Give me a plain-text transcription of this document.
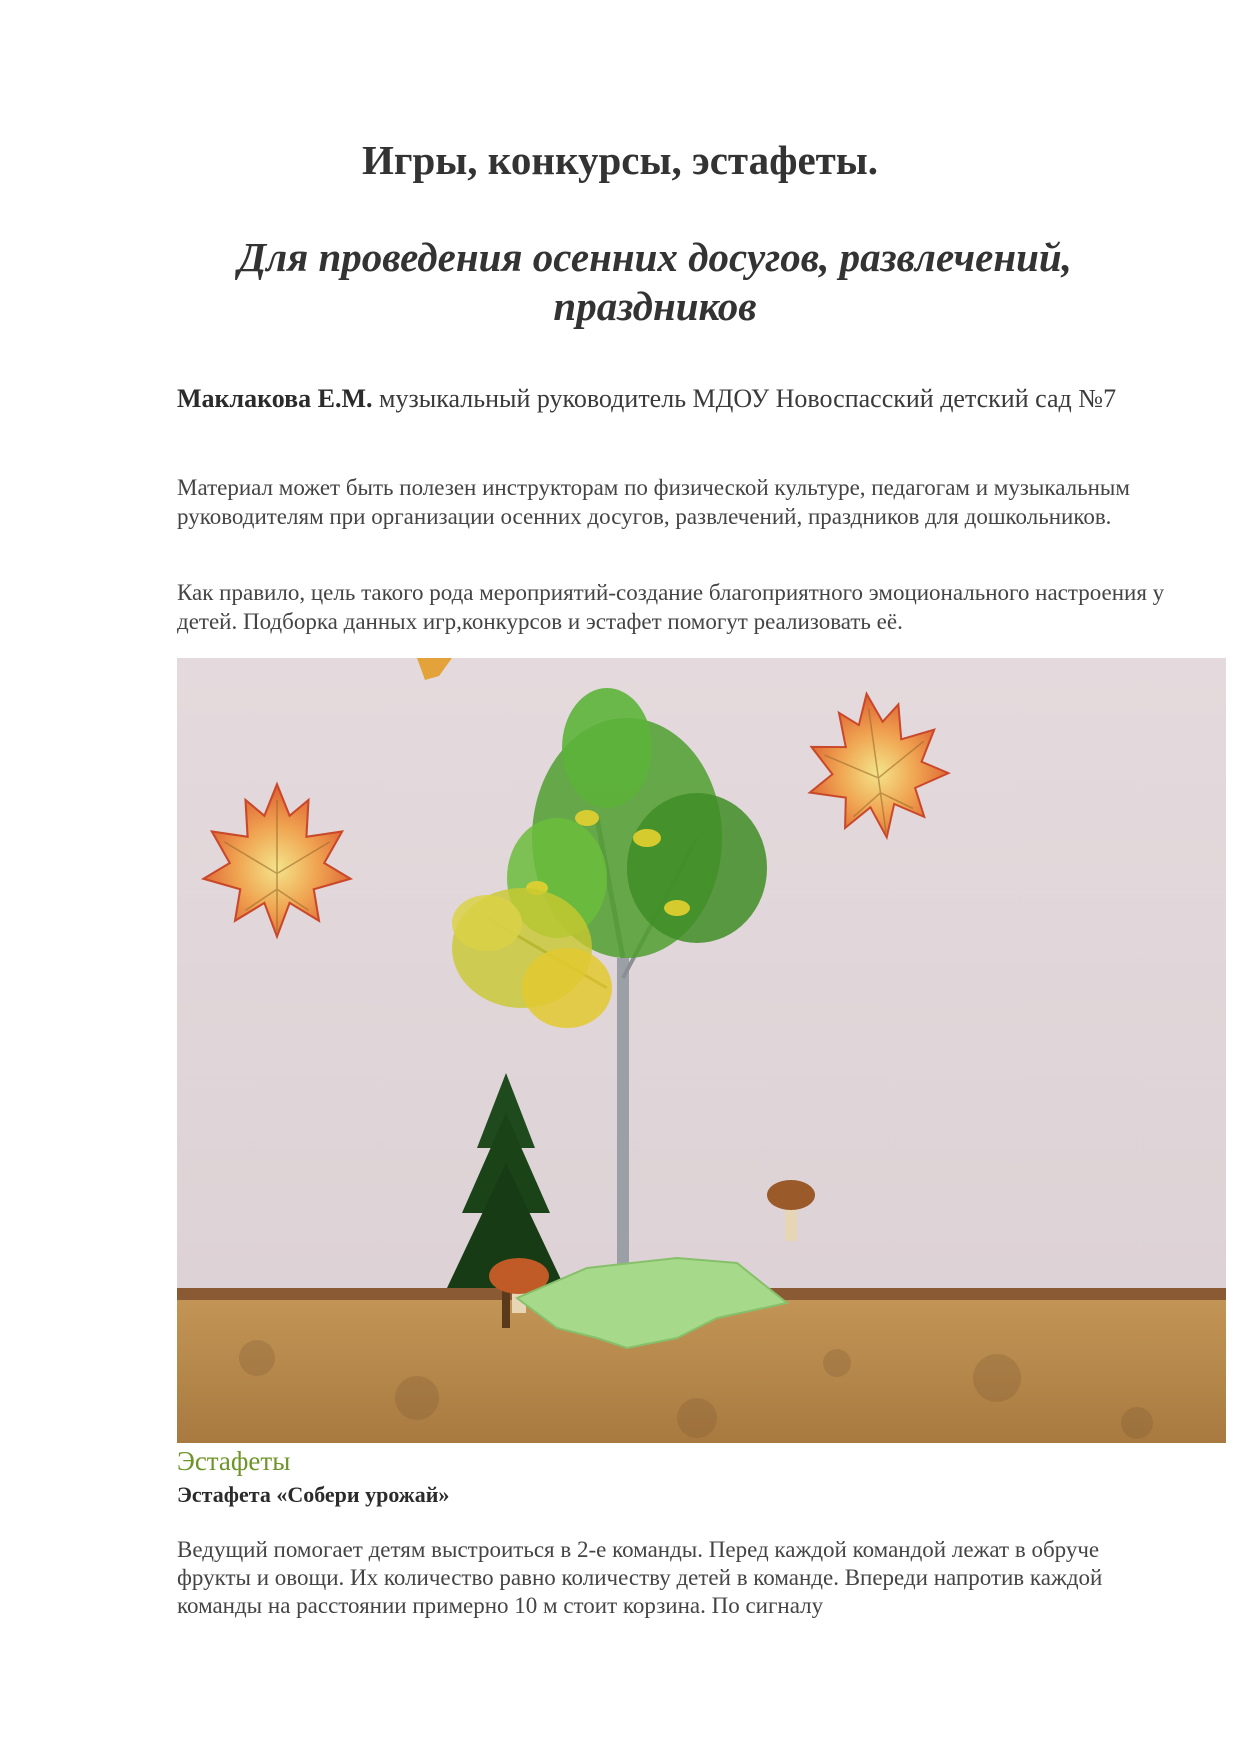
Игры, конкурсы, эстафеты.
Для проведения осенних досугов, развлечений, праздников

Маклакова Е.М. музыкальный руководитель МДОУ Новоспасский детский сад №7

Материал может быть полезен инструкторам по физической культуре, педагогам и музыкальным руководителям при организации осенних досугов, развлечений, праздников для дошкольников.

Как правило, цель такого рода мероприятий-создание благоприятного эмоционального настроения у детей. Подборка данных игр,конкурсов и эстафет помогут реализовать её.

Эстафеты

Эстафета «Собери урожай»

Ведущий помогает детям выстроиться в 2-е команды. Перед каждой командой лежат в обруче фрукты и овощи. Их количество равно количеству детей в команде. Впереди напротив каждой команды на расстоянии примерно 10 м стоит корзина. По сигналу
